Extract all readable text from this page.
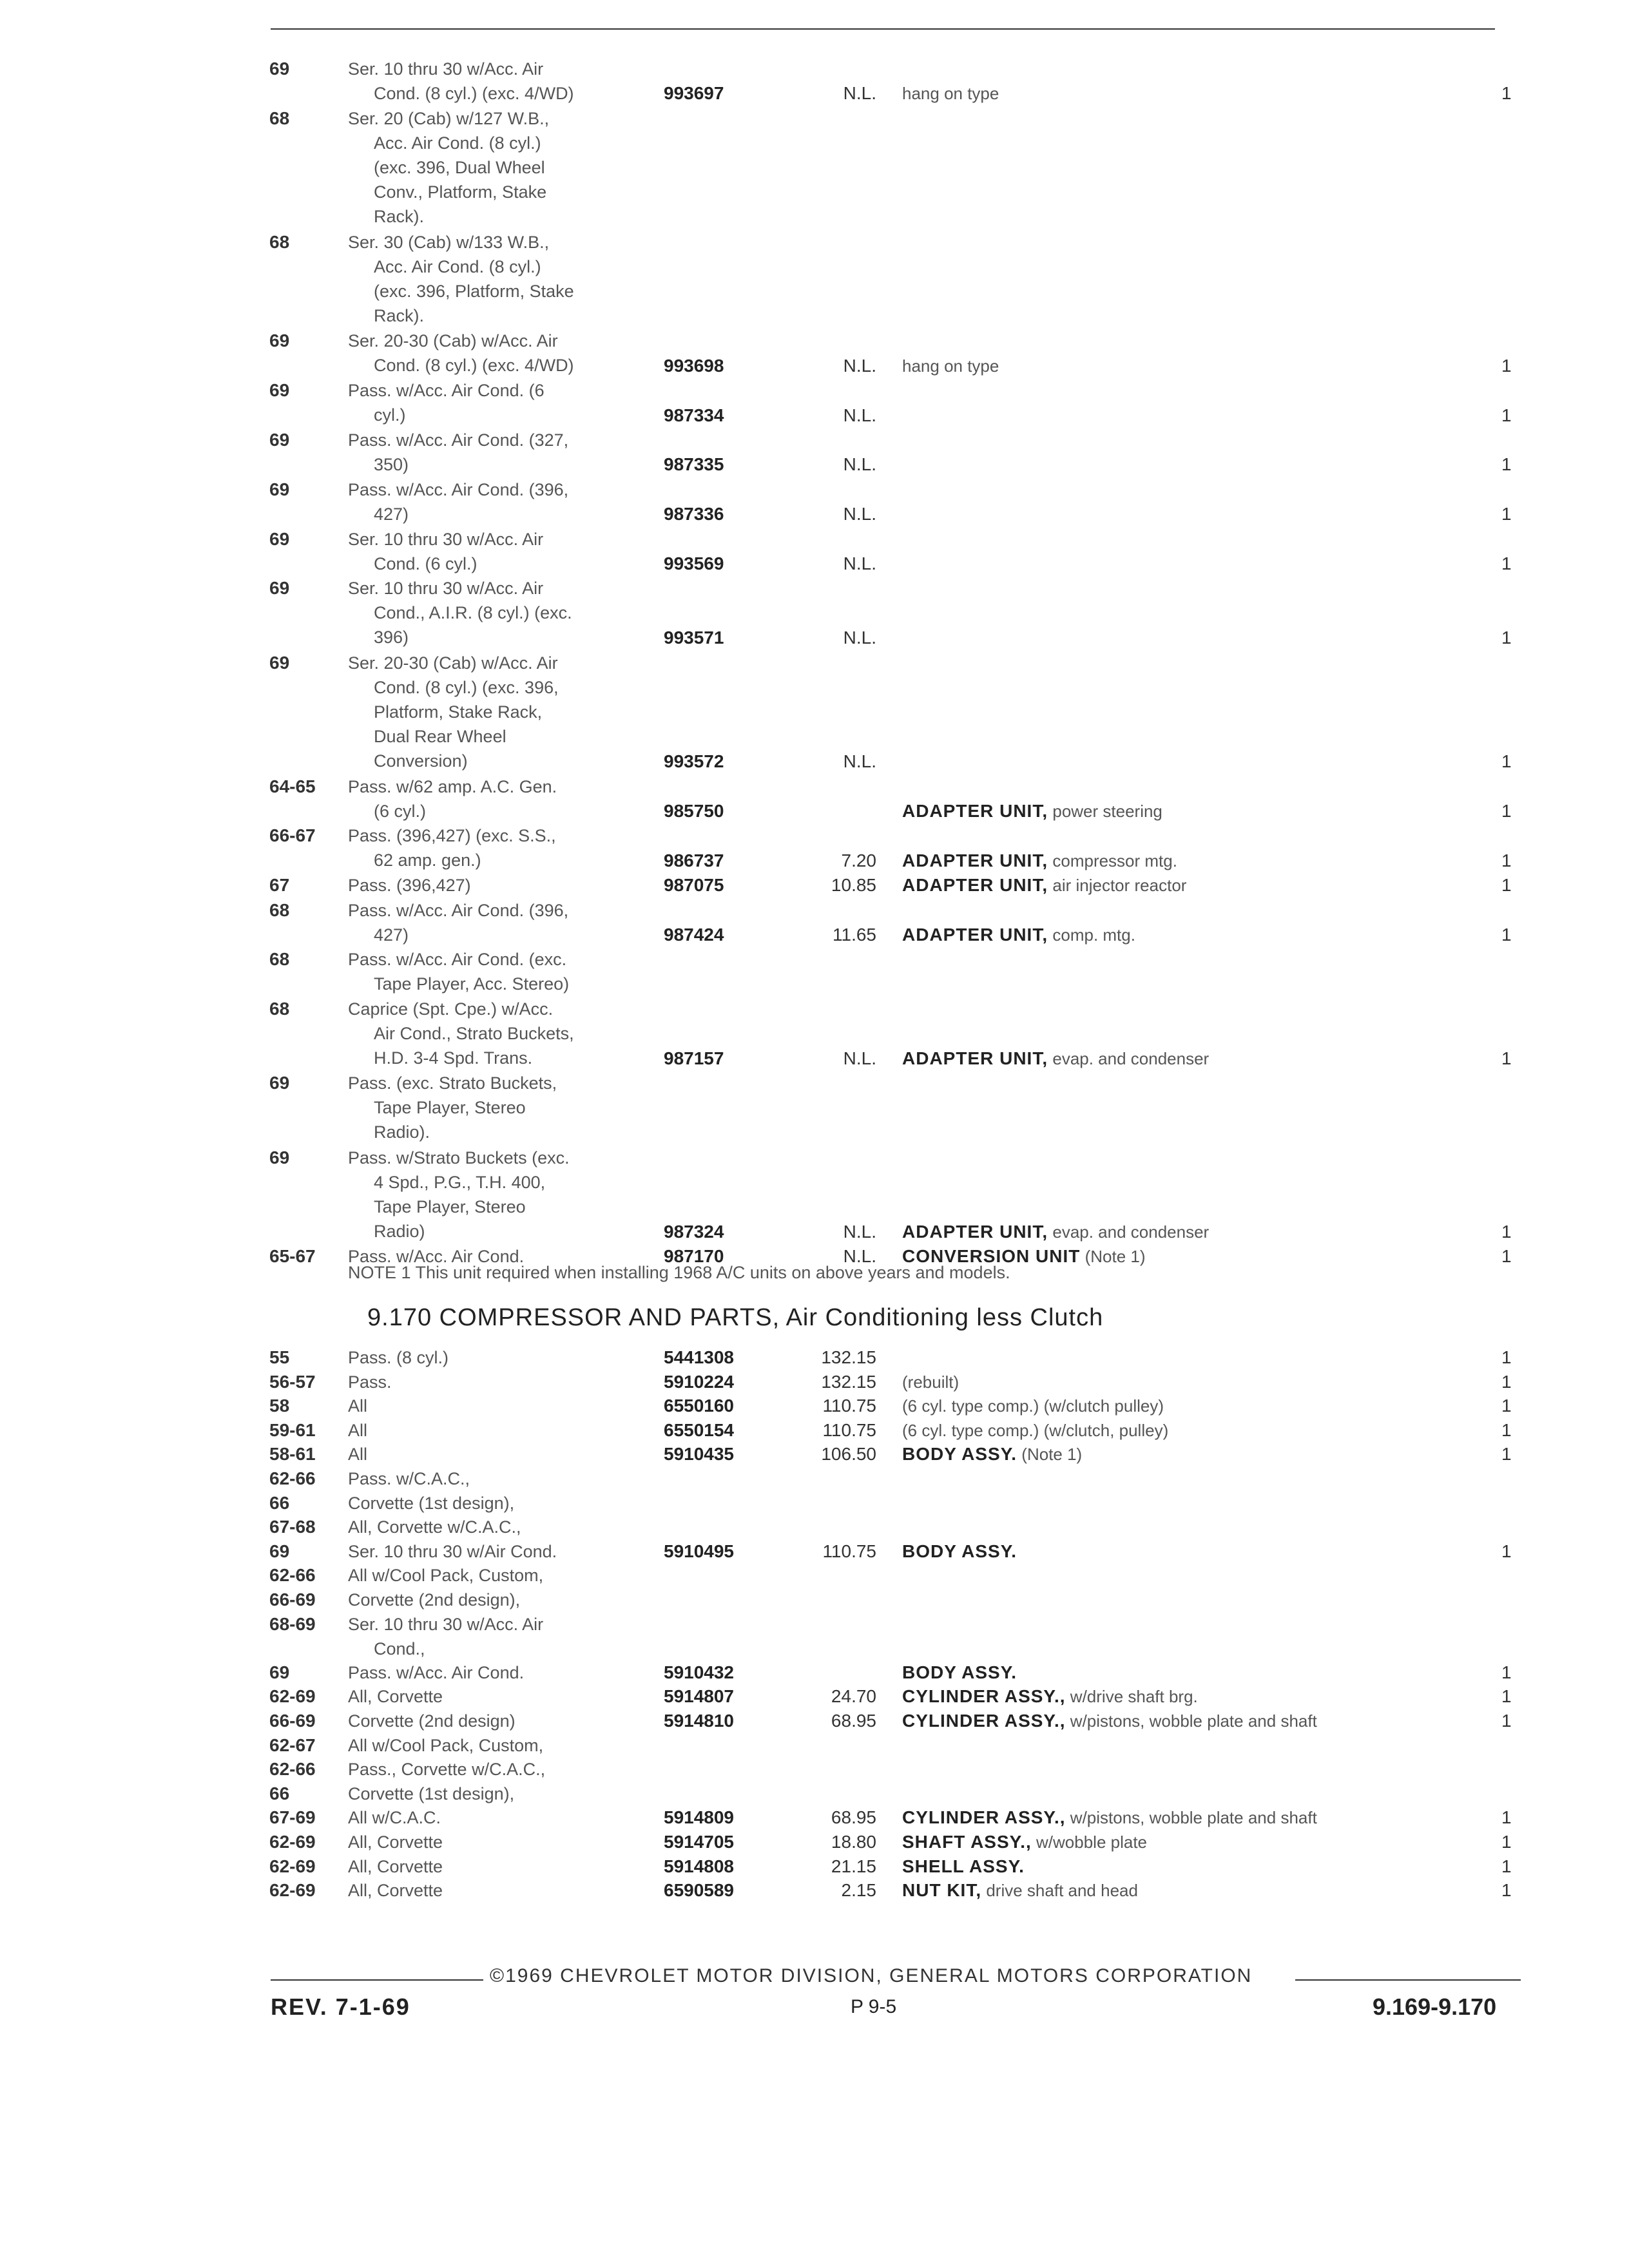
69	Ser. 10 thru 30 w/Acc. Air
Cond. (8 cyl.) (exc. 4/WD)	993697	N.L. hang on type	1
68	Ser. 20 (Cab) w/127 W.B.,
Acc. Air Cond. (8 cyl.)
(exc. 396, Dual Wheel
Conv., Platform, Stake
Rack).
68	Ser. 30 (Cab) w/133 W.B.,
Acc. Air Cond. (8 cyl.)
(exc. 396, Platform, Stake
Rack).
69	Ser. 20-30 (Cab) w/Acc. Air
Cond. (8 cyl.) (exc. 4/WD)	993698	N.L. hang on type	1
69	Pass. w/Acc. Air Cond. (6
cyl.)	987334	N.L.	1
69	Pass. w/Acc. Air Cond. (327,
350)	987335	N.L.	1
69	Pass. w/Acc. Air Cond. (396,
427)	987336	N.L.	1
69	Ser. 10 thru 30 w/Acc. Air
Cond. (6 cyl.)	993569	N.L.	1
69	Ser. 10 thru 30 w/Acc. Air
Cond., A.I.R. (8 cyl.) (exc.
396)	993571	N.L.	1
69	Ser. 20-30 (Cab) w/Acc. Air
Cond. (8 cyl.) (exc. 396,
Platform, Stake Rack,
Dual Rear Wheel
Conversion)	993572	N.L.	1
64-65 Pass. w/62 amp. A.C. Gen.
(6 cyl.)	985750	ADAPTER UNIT, power steering	1
66-67 Pass. (396,427) (exc. S.S.,
62 amp. gen.)	986737	7.20 ADAPTER UNIT, compressor mtg.	1
67	Pass. (396,427)	987075	10.85 ADAPTER UNIT, air injector reactor	1
68	Pass. w/Acc. Air Cond. (396,
427)	987424	11.65 ADAPTER UNIT, comp. mtg.	1
68	Pass. w/Acc. Air Cond. (exc.
Tape Player, Acc. Stereo)
68	Caprice (Spt. Cpe.) w/Acc.
Air Cond., Strato Buckets,
H.D. 3-4 Spd. Trans.	987157	N.L. ADAPTER UNIT, evap. and condenser	1
69	Pass. (exc. Strato Buckets,
Tape Player, Stereo
Radio).
69	Pass. w/Strato Buckets (exc.
4 Spd., P.G., T.H. 400,
Tape Player, Stereo
Radio)	987324	N.L. ADAPTER UNIT, evap. and condenser	1
65-67 Pass. w/Acc. Air Cond.	987170	N.L. CONVERSION UNIT (Note 1)	1
NOTE 1 This unit required when installing 1968 A/C units on above years and models.
9.170 COMPRESSOR AND PARTS, Air Conditioning less Clutch
55	Pass. (8 cyl.)	5441308	132.15	1
56-57 Pass.	5910224	132.15 (rebuilt)	1
58	All	6550160	110.75 (6 cyl. type comp.) (w/clutch pulley)	1
59-61 All	6550154	110.75 (6 cyl. type comp.) (w/clutch, pulley)	1
58-61 All	5910435	106.50 BODY ASSY. (Note 1)	1
62-66 Pass. w/C.A.C.,
66	Corvette (1st design),
67-68 All, Corvette w/C.A.C.,
69	Ser. 10 thru 30 w/Air Cond.	5910495	110.75 BODY ASSY.	1
62-66 All w/Cool Pack, Custom,
66-69 Corvette (2nd design),
68-69 Ser. 10 thru 30 w/Acc. Air
Cond.,
69	Pass. w/Acc. Air Cond.	5910432	BODY ASSY.	1
62-69 All, Corvette	5914807	24.70 CYLINDER ASSY., w/drive shaft brg.	1
66-69 Corvette (2nd design)	5914810	68.95 CYLINDER ASSY., w/pistons, wobble plate and shaft	1
62-67 All w/Cool Pack, Custom,
62-66 Pass., Corvette w/C.A.C.,
66	Corvette (1st design),
67-69 All w/C.A.C.	5914809	68.95 CYLINDER ASSY., w/pistons, wobble plate and shaft	1
62-69 All, Corvette	5914705	18.80 SHAFT ASSY., w/wobble plate	1
62-69 All, Corvette	5914808	21.15 SHELL ASSY.	1
62-69 All, Corvette	6590589	2.15 NUT KIT, drive shaft and head	1
©1969 CHEVROLET MOTOR DIVISION, GENERAL MOTORS CORPORATION
REV. 7-1-69	P 9-5	9.169-9.170
